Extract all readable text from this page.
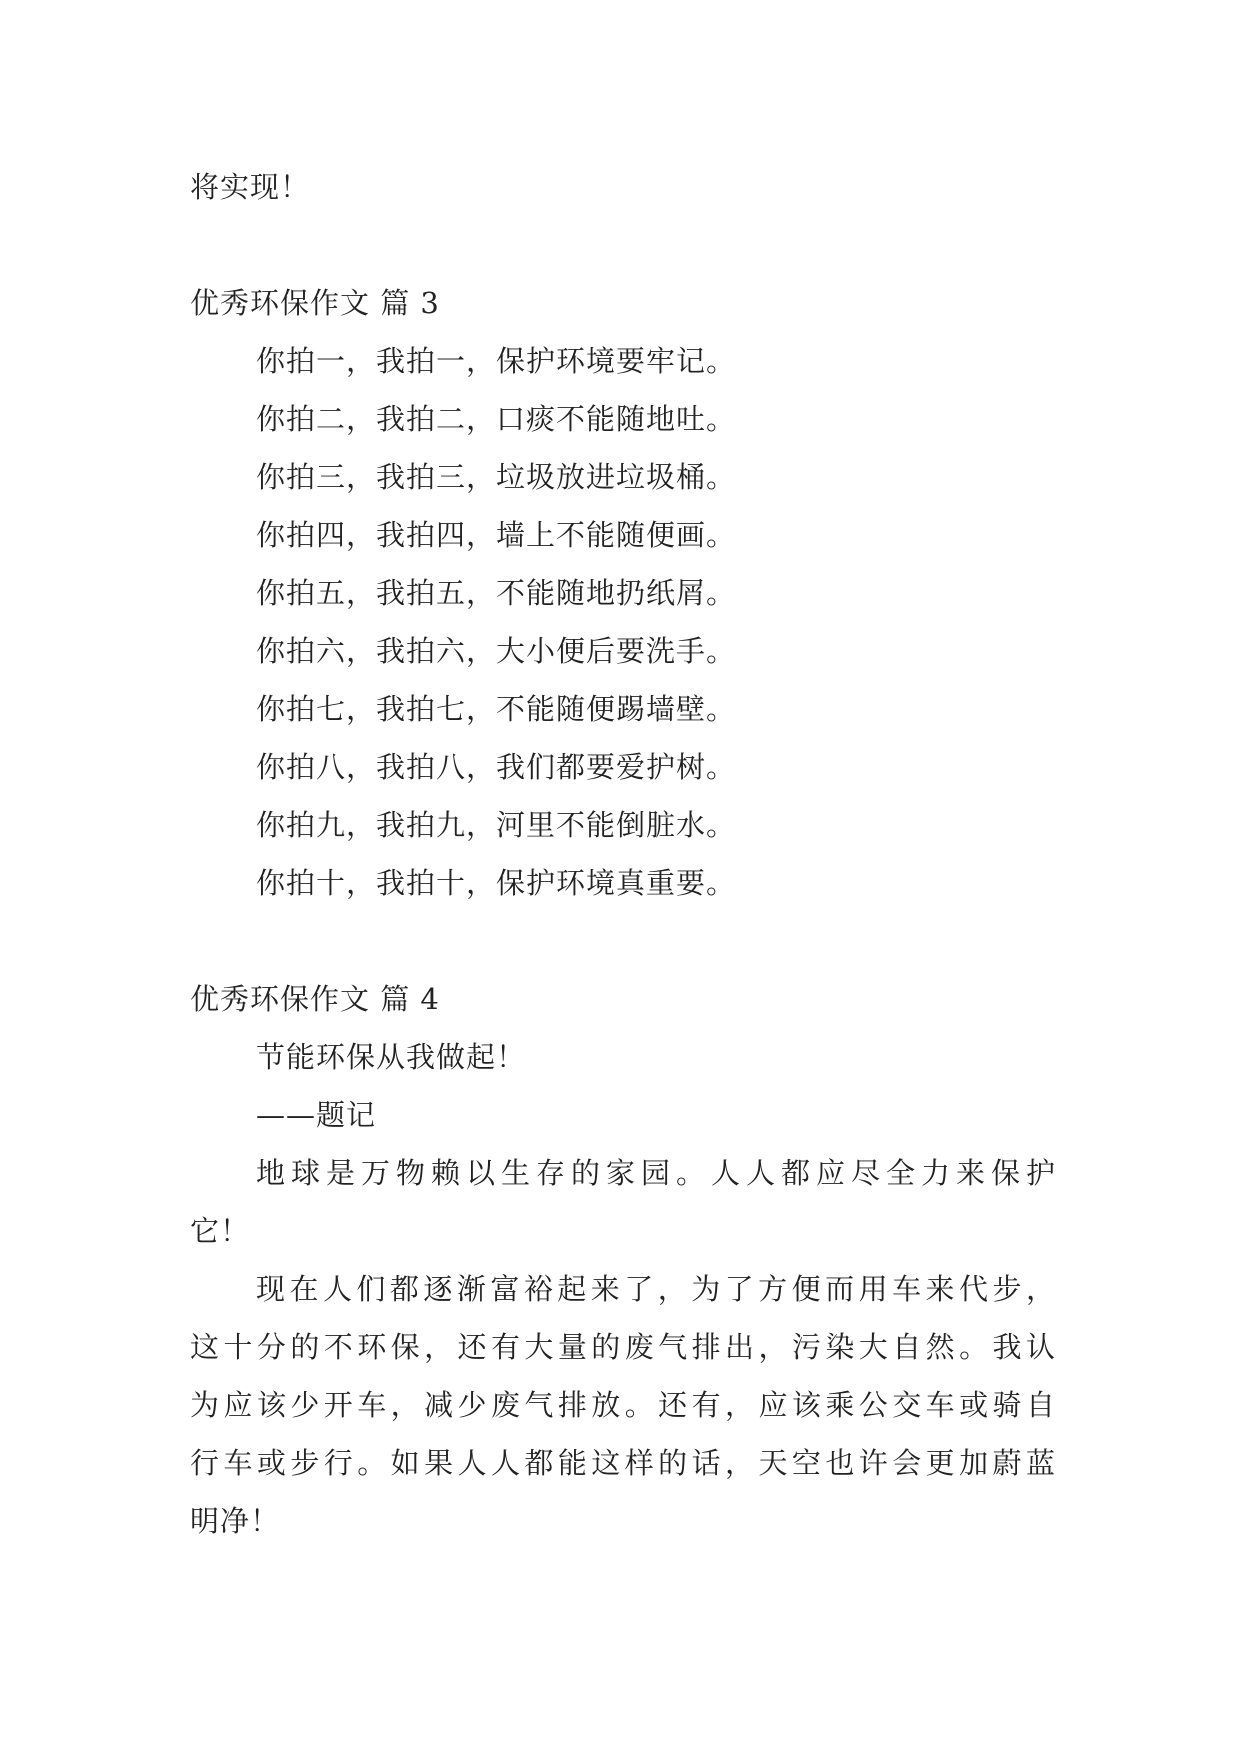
将实现！

优秀环保作文 篇 3

你拍一，我拍一，保护环境要牢记。

你拍二，我拍二，口痰不能随地吐。

你拍三，我拍三，垃圾放进垃圾桶。

你拍四，我拍四，墙上不能随便画。

你拍五，我拍五，不能随地扔纸屑。

你拍六，我拍六，大小便后要洗手。

你拍七，我拍七，不能随便踢墙壁。

你拍八，我拍八，我们都要爱护树。

你拍九，我拍九，河里不能倒脏水。

你拍十，我拍十，保护环境真重要。

优秀环保作文 篇 4

节能环保从我做起！

——题记

地球是万物赖以生存的家园。人人都应尽全力来保护

它！

现在人们都逐渐富裕起来了，为了方便而用车来代步，

这十分的不环保，还有大量的废气排出，污染大自然。我认

为应该少开车，减少废气排放。还有，应该乘公交车或骑自

行车或步行。如果人人都能这样的话，天空也许会更加蔚蓝

明净！
